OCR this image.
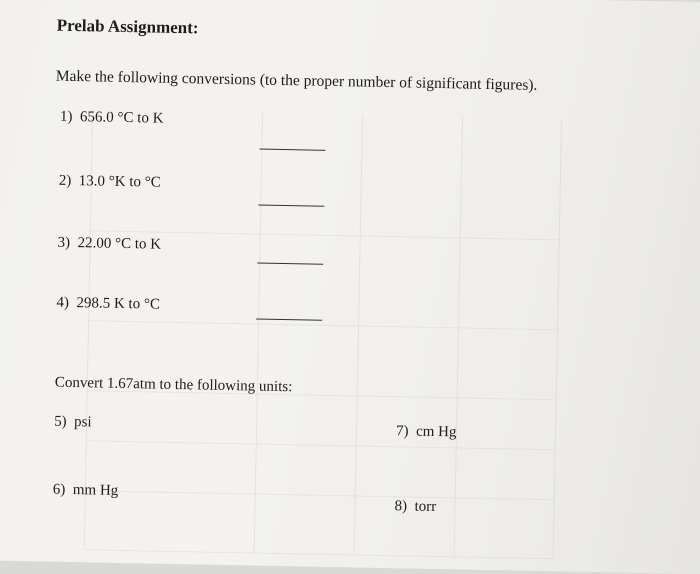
Prelab Assignment:
Make the following conversions (to the proper number of significant figures).
1) 656.0 °C to K
2) 13.0 °K to °C
3) 22.00 °C to K
4) 298.5 K to °C
Convert 1.67atm to the following units:
5) psi
6) mm Hg
7) cm Hg
8) torr
